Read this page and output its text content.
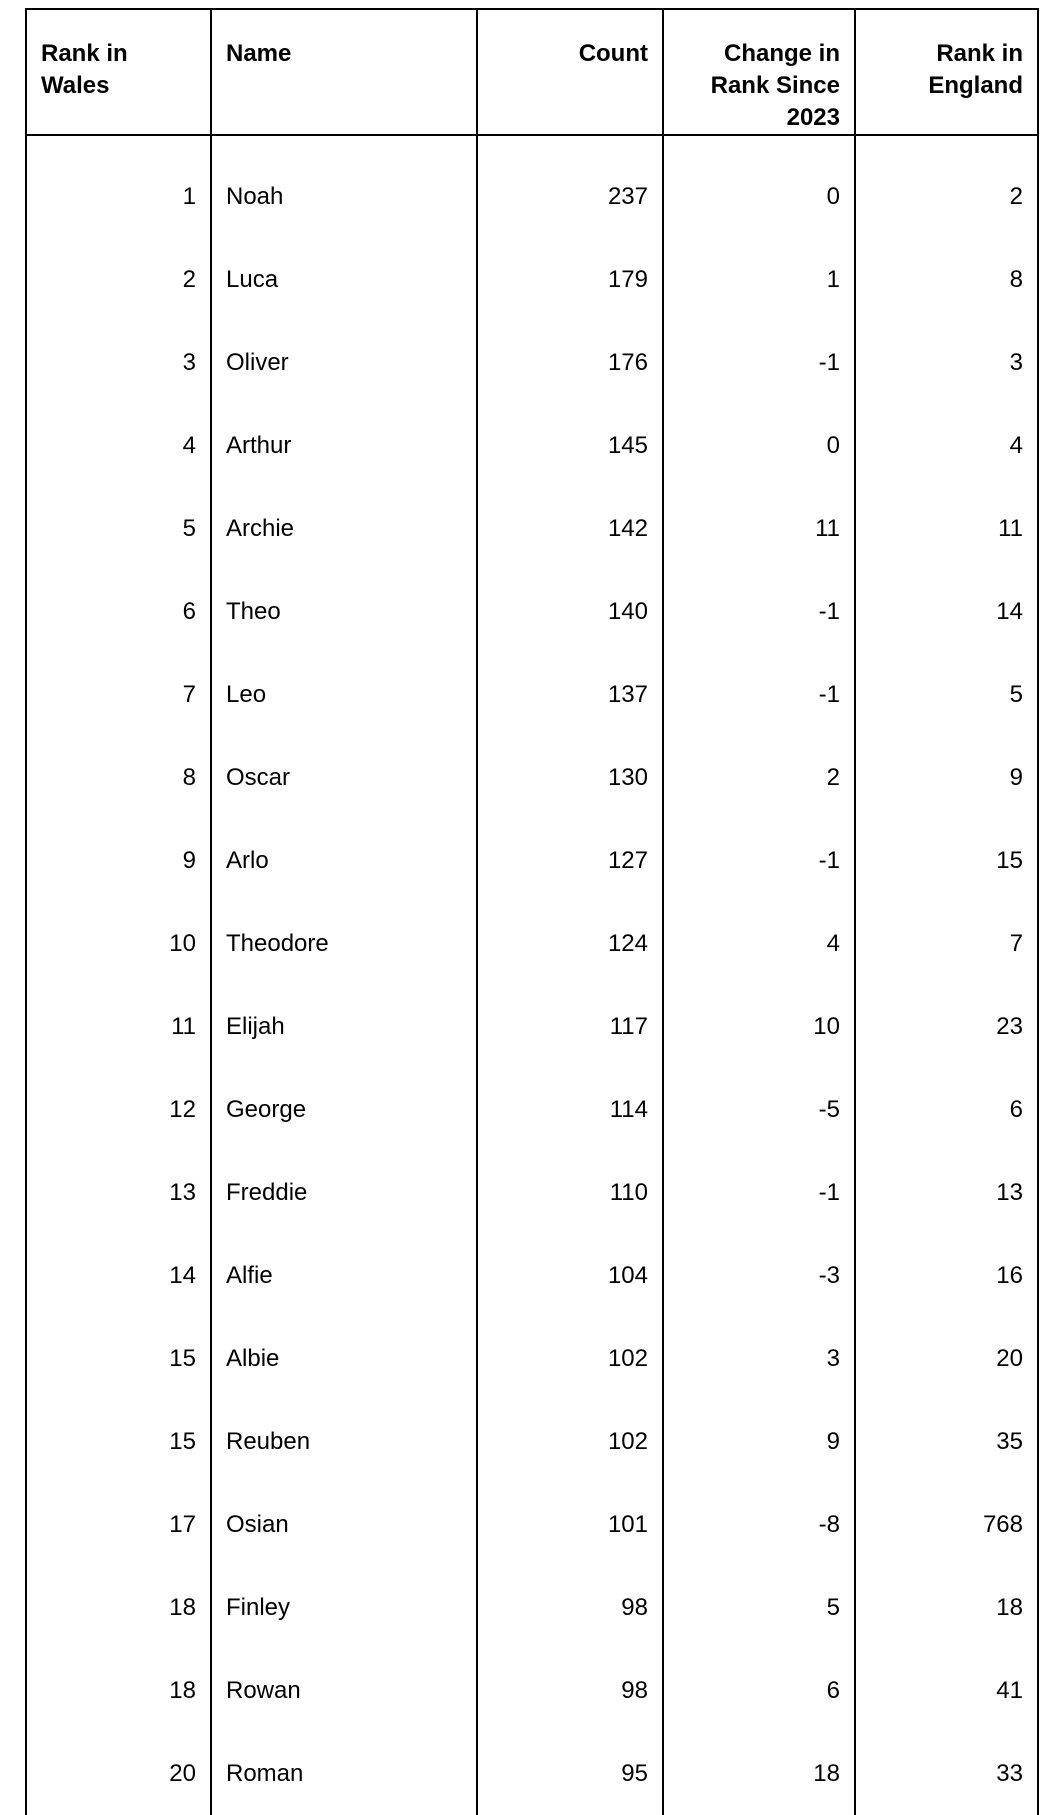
Rank in Wales	Name	Count	Change in Rank Since 2023	Rank in England
1	Noah	237	0	2
2	Luca	179	1	8
3	Oliver	176	-1	3
4	Arthur	145	0	4
5	Archie	142	11	11
6	Theo	140	-1	14
7	Leo	137	-1	5
8	Oscar	130	2	9
9	Arlo	127	-1	15
10	Theodore	124	4	7
11	Elijah	117	10	23
12	George	114	-5	6
13	Freddie	110	-1	13
14	Alfie	104	-3	16
15	Albie	102	3	20
15	Reuben	102	9	35
17	Osian	101	-8	768
18	Finley	98	5	18
18	Rowan	98	6	41
20	Roman	95	18	33
